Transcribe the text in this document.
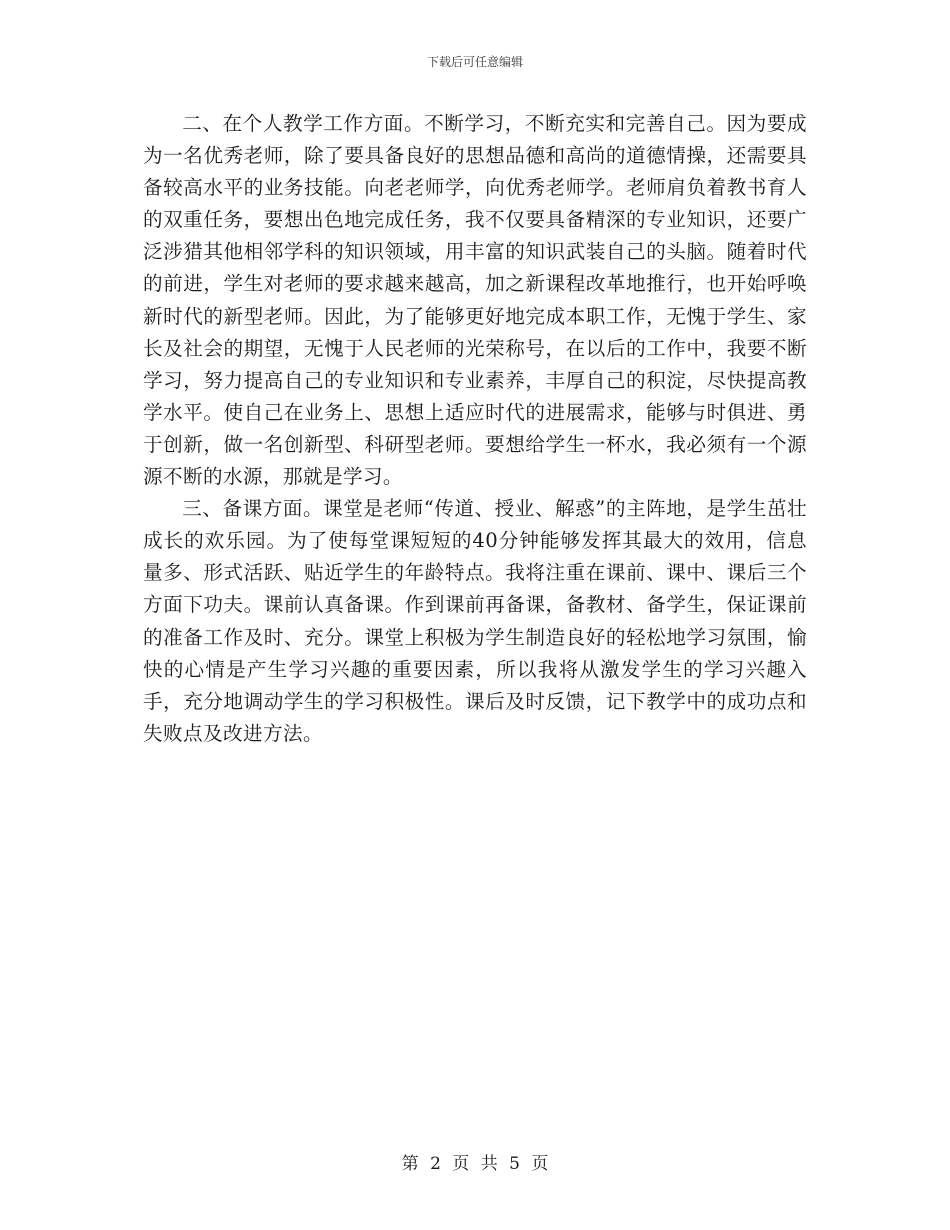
下载后可任意编辑

二、在个人教学工作方面。不断学习，不断充实和完善自己。因为要成为一名优秀老师，除了要具备良好的思想品德和高尚的道德情操，还需要具备较高水平的业务技能。向老老师学，向优秀老师学。老师肩负着教书育人的双重任务，要想出色地完成任务，我不仅要具备精深的专业知识，还要广泛涉猎其他相邻学科的知识领域，用丰富的知识武装自己的头脑。随着时代的前进，学生对老师的要求越来越高，加之新课程改革地推行，也开始呼唤新时代的新型老师。因此，为了能够更好地完成本职工作，无愧于学生、家长及社会的期望，无愧于人民老师的光荣称号，在以后的工作中，我要不断学习，努力提高自己的专业知识和专业素养，丰厚自己的积淀，尽快提高教学水平。使自己在业务上、思想上适应时代的进展需求，能够与时俱进、勇于创新，做一名创新型、科研型老师。要想给学生一杯水，我必须有一个源源不断的水源，那就是学习。

三、备课方面。课堂是老师“传道、授业、解惑”的主阵地，是学生茁壮成长的欢乐园。为了使每堂课短短的40分钟能够发挥其最大的效用，信息量多、形式活跃、贴近学生的年龄特点。我将注重在课前、课中、课后三个方面下功夫。课前认真备课。作到课前再备课，备教材、备学生，保证课前的准备工作及时、充分。课堂上积极为学生制造良好的轻松地学习氛围，愉快的心情是产生学习兴趣的重要因素，所以我将从激发学生的学习兴趣入手，充分地调动学生的学习积极性。课后及时反馈，记下教学中的成功点和失败点及改进方法。

第 2 页 共 5 页
